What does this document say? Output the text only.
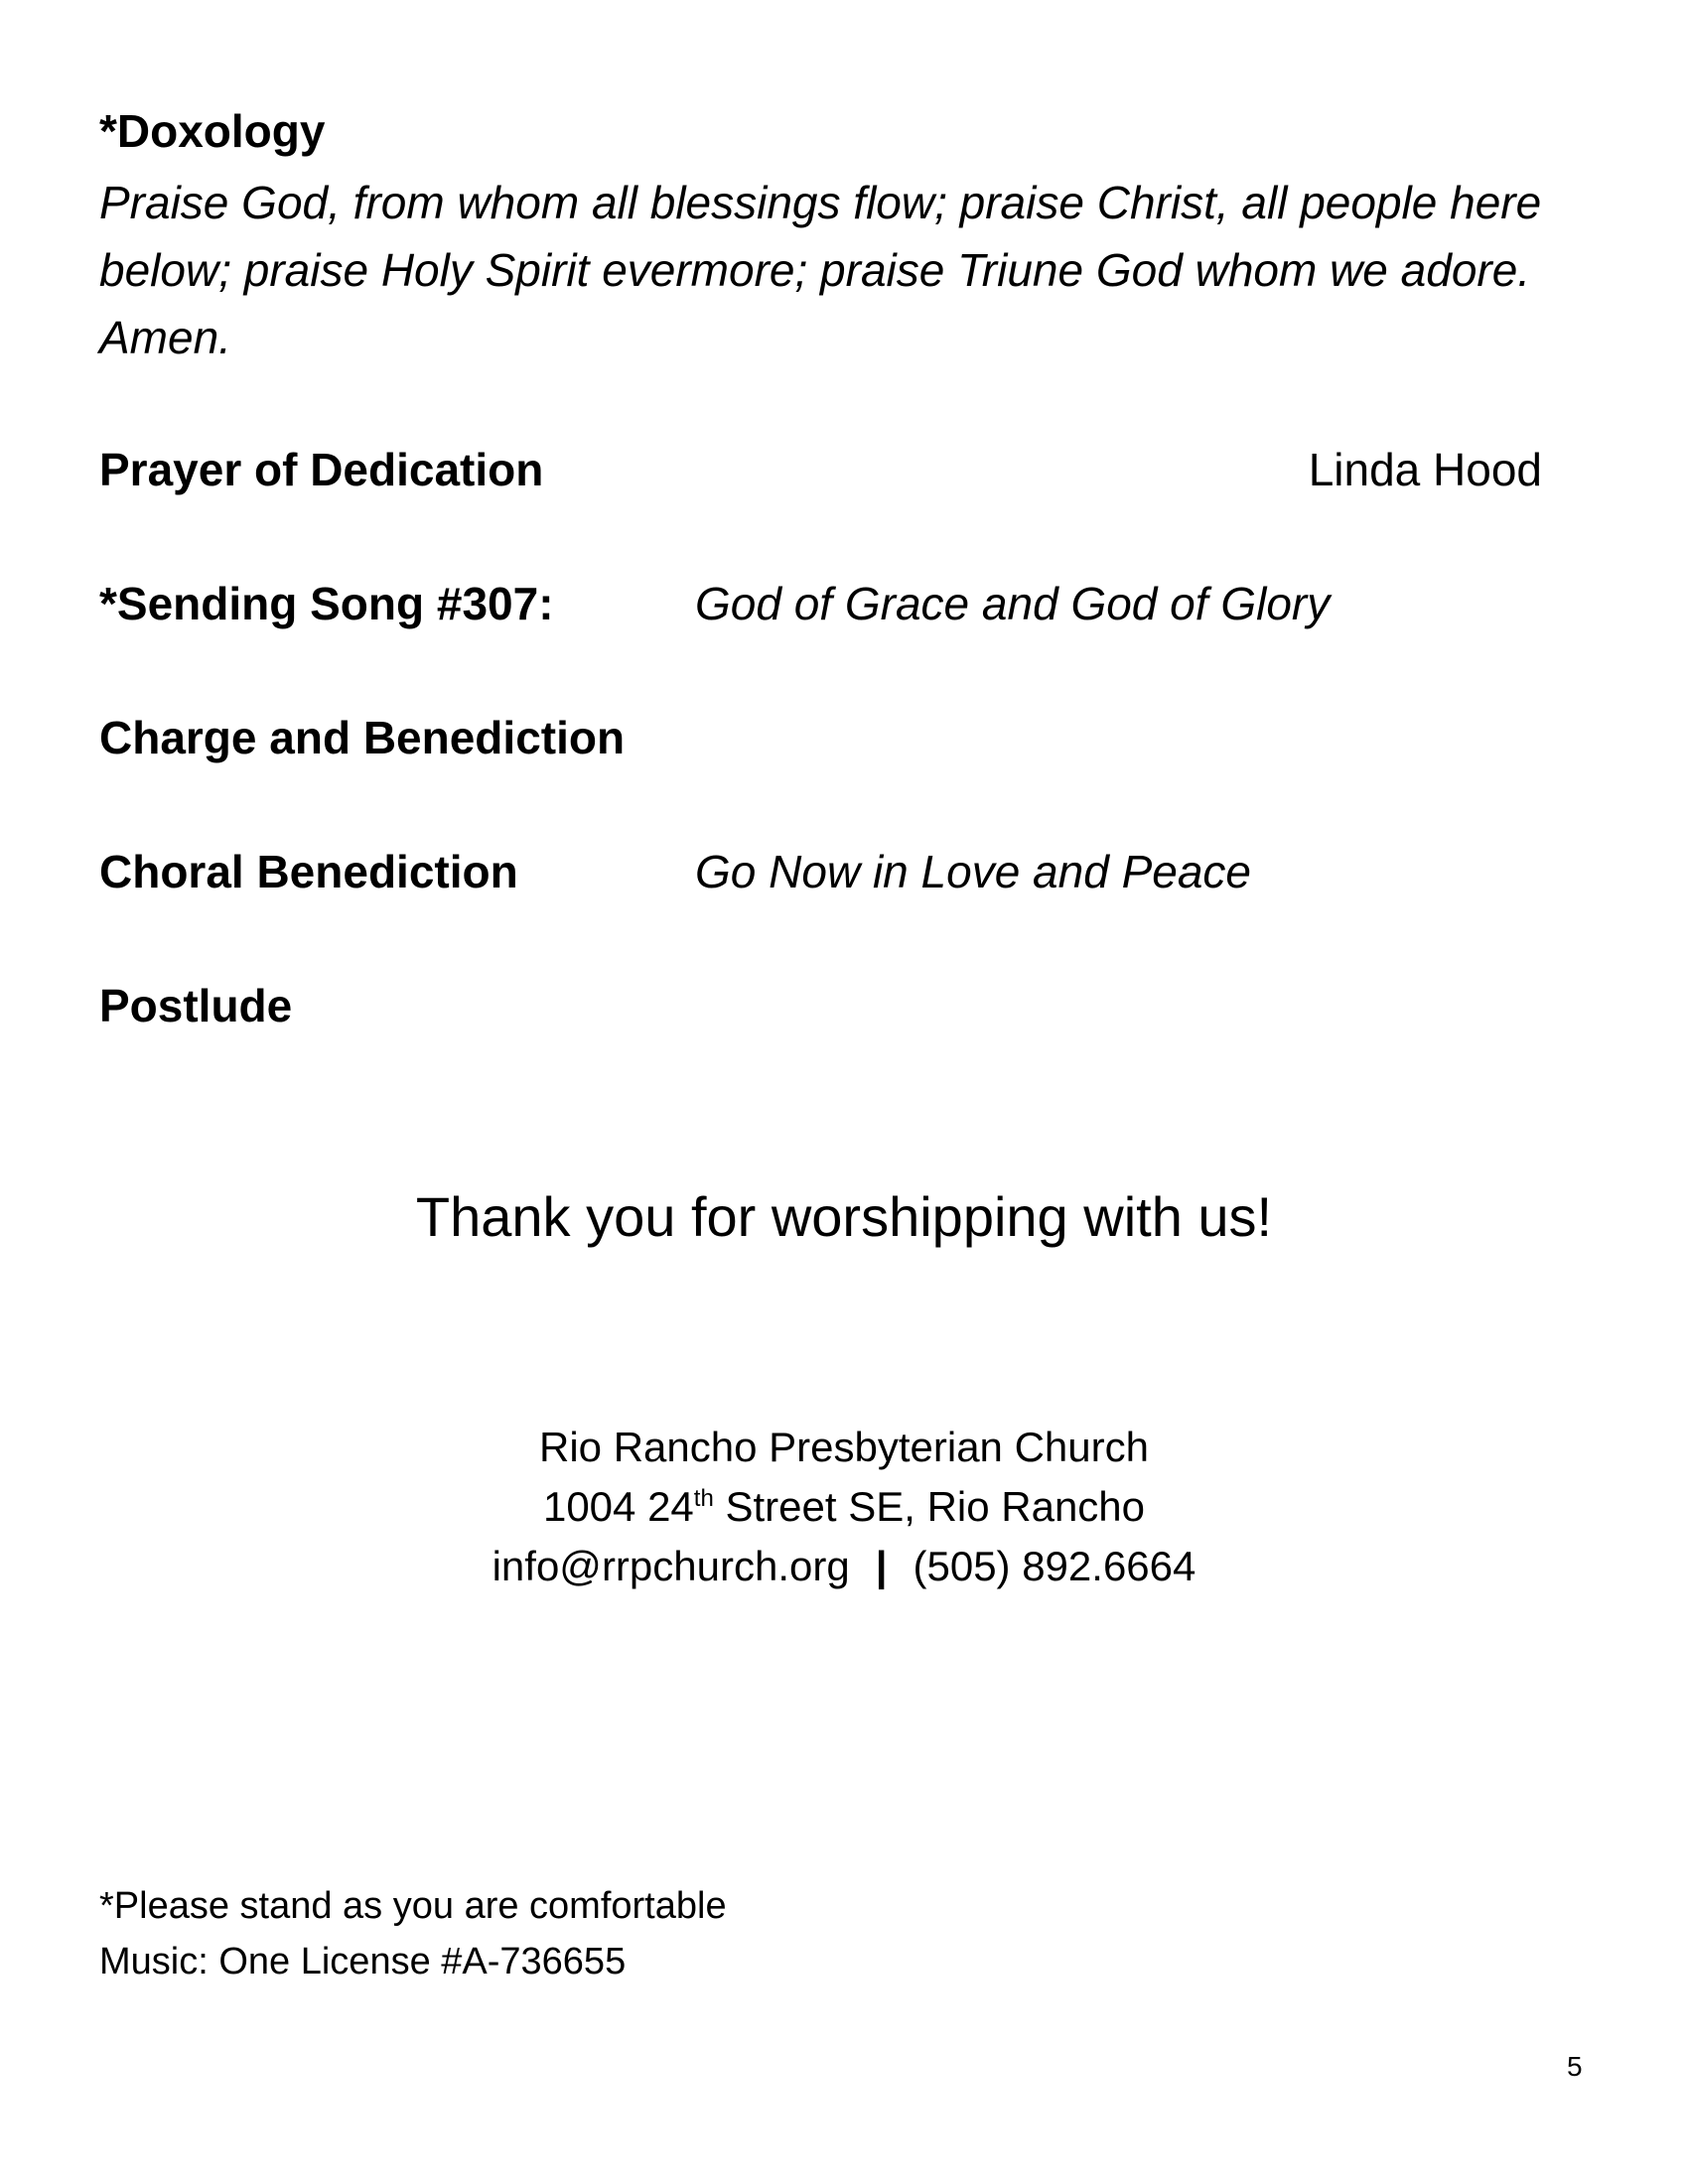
*Doxology
Praise God, from whom all blessings flow; praise Christ, all people here below; praise Holy Spirit evermore; praise Triune God whom we adore. Amen.
Prayer of Dedication	Linda Hood
*Sending Song #307:	God of Grace and God of Glory
Charge and Benediction
Choral Benediction	Go Now in Love and Peace
Postlude
Thank you for worshipping with us!
Rio Rancho Presbyterian Church
1004 24th Street SE, Rio Rancho
info@rrpchurch.org | (505) 892.6664
*Please stand as you are comfortable
Music: One License #A-736655
5
